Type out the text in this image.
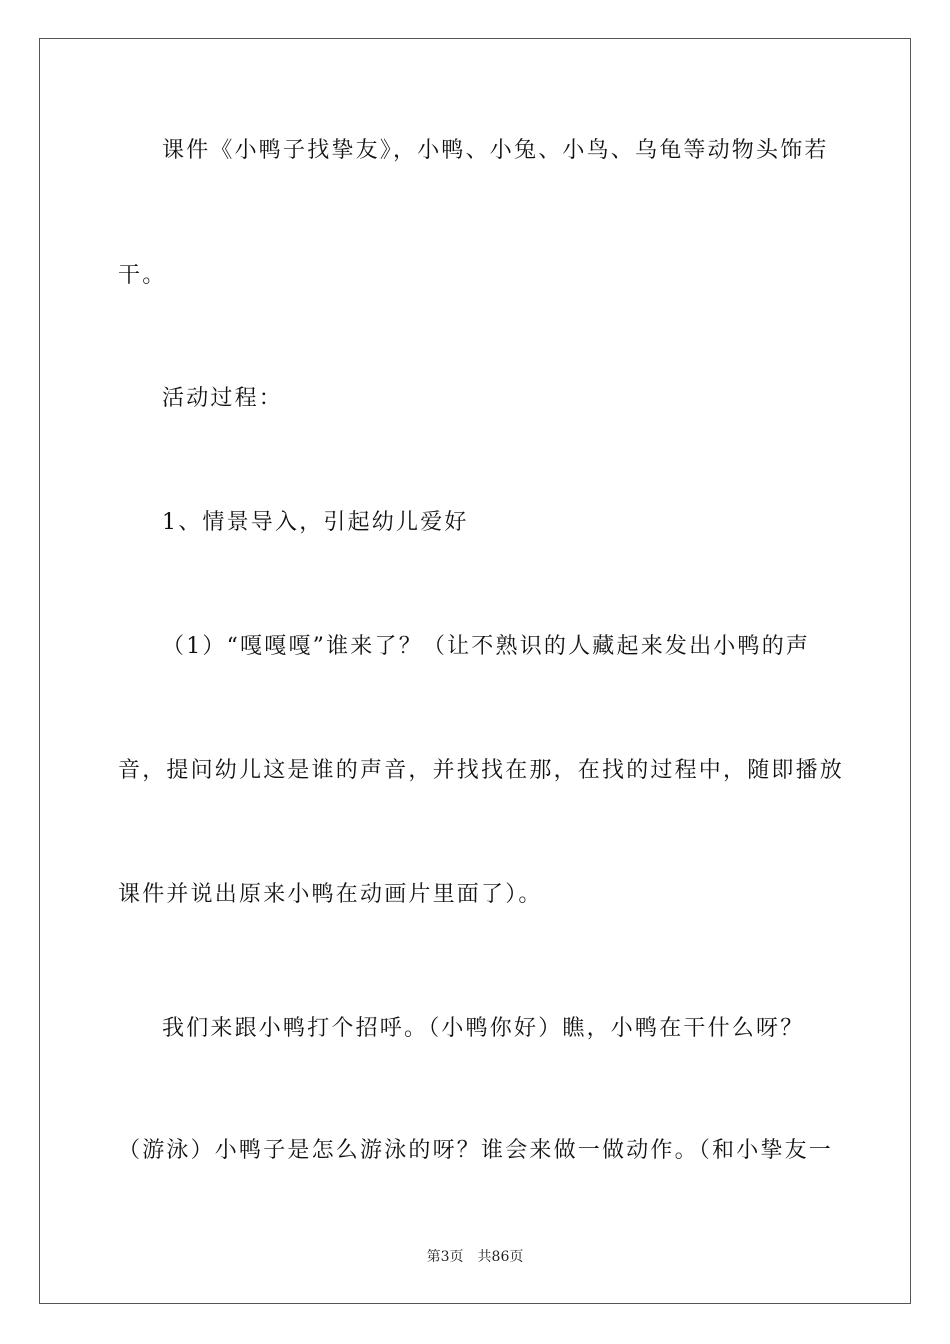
课件《小鸭子找挚友》，小鸭、小兔、小鸟、乌龟等动物头饰若
干。
活动过程：
1、情景导入，引起幼儿爱好
（1）“嘎嘎嘎”谁来了？（让不熟识的人藏起来发出小鸭的声
音，提问幼儿这是谁的声音，并找找在那，在找的过程中，随即播放
课件并说出原来小鸭在动画片里面了）。
我们来跟小鸭打个招呼。（小鸭你好）瞧，小鸭在干什么呀？
（游泳）小鸭子是怎么游泳的呀？谁会来做一做动作。（和小挚友一
第3页 共86页
